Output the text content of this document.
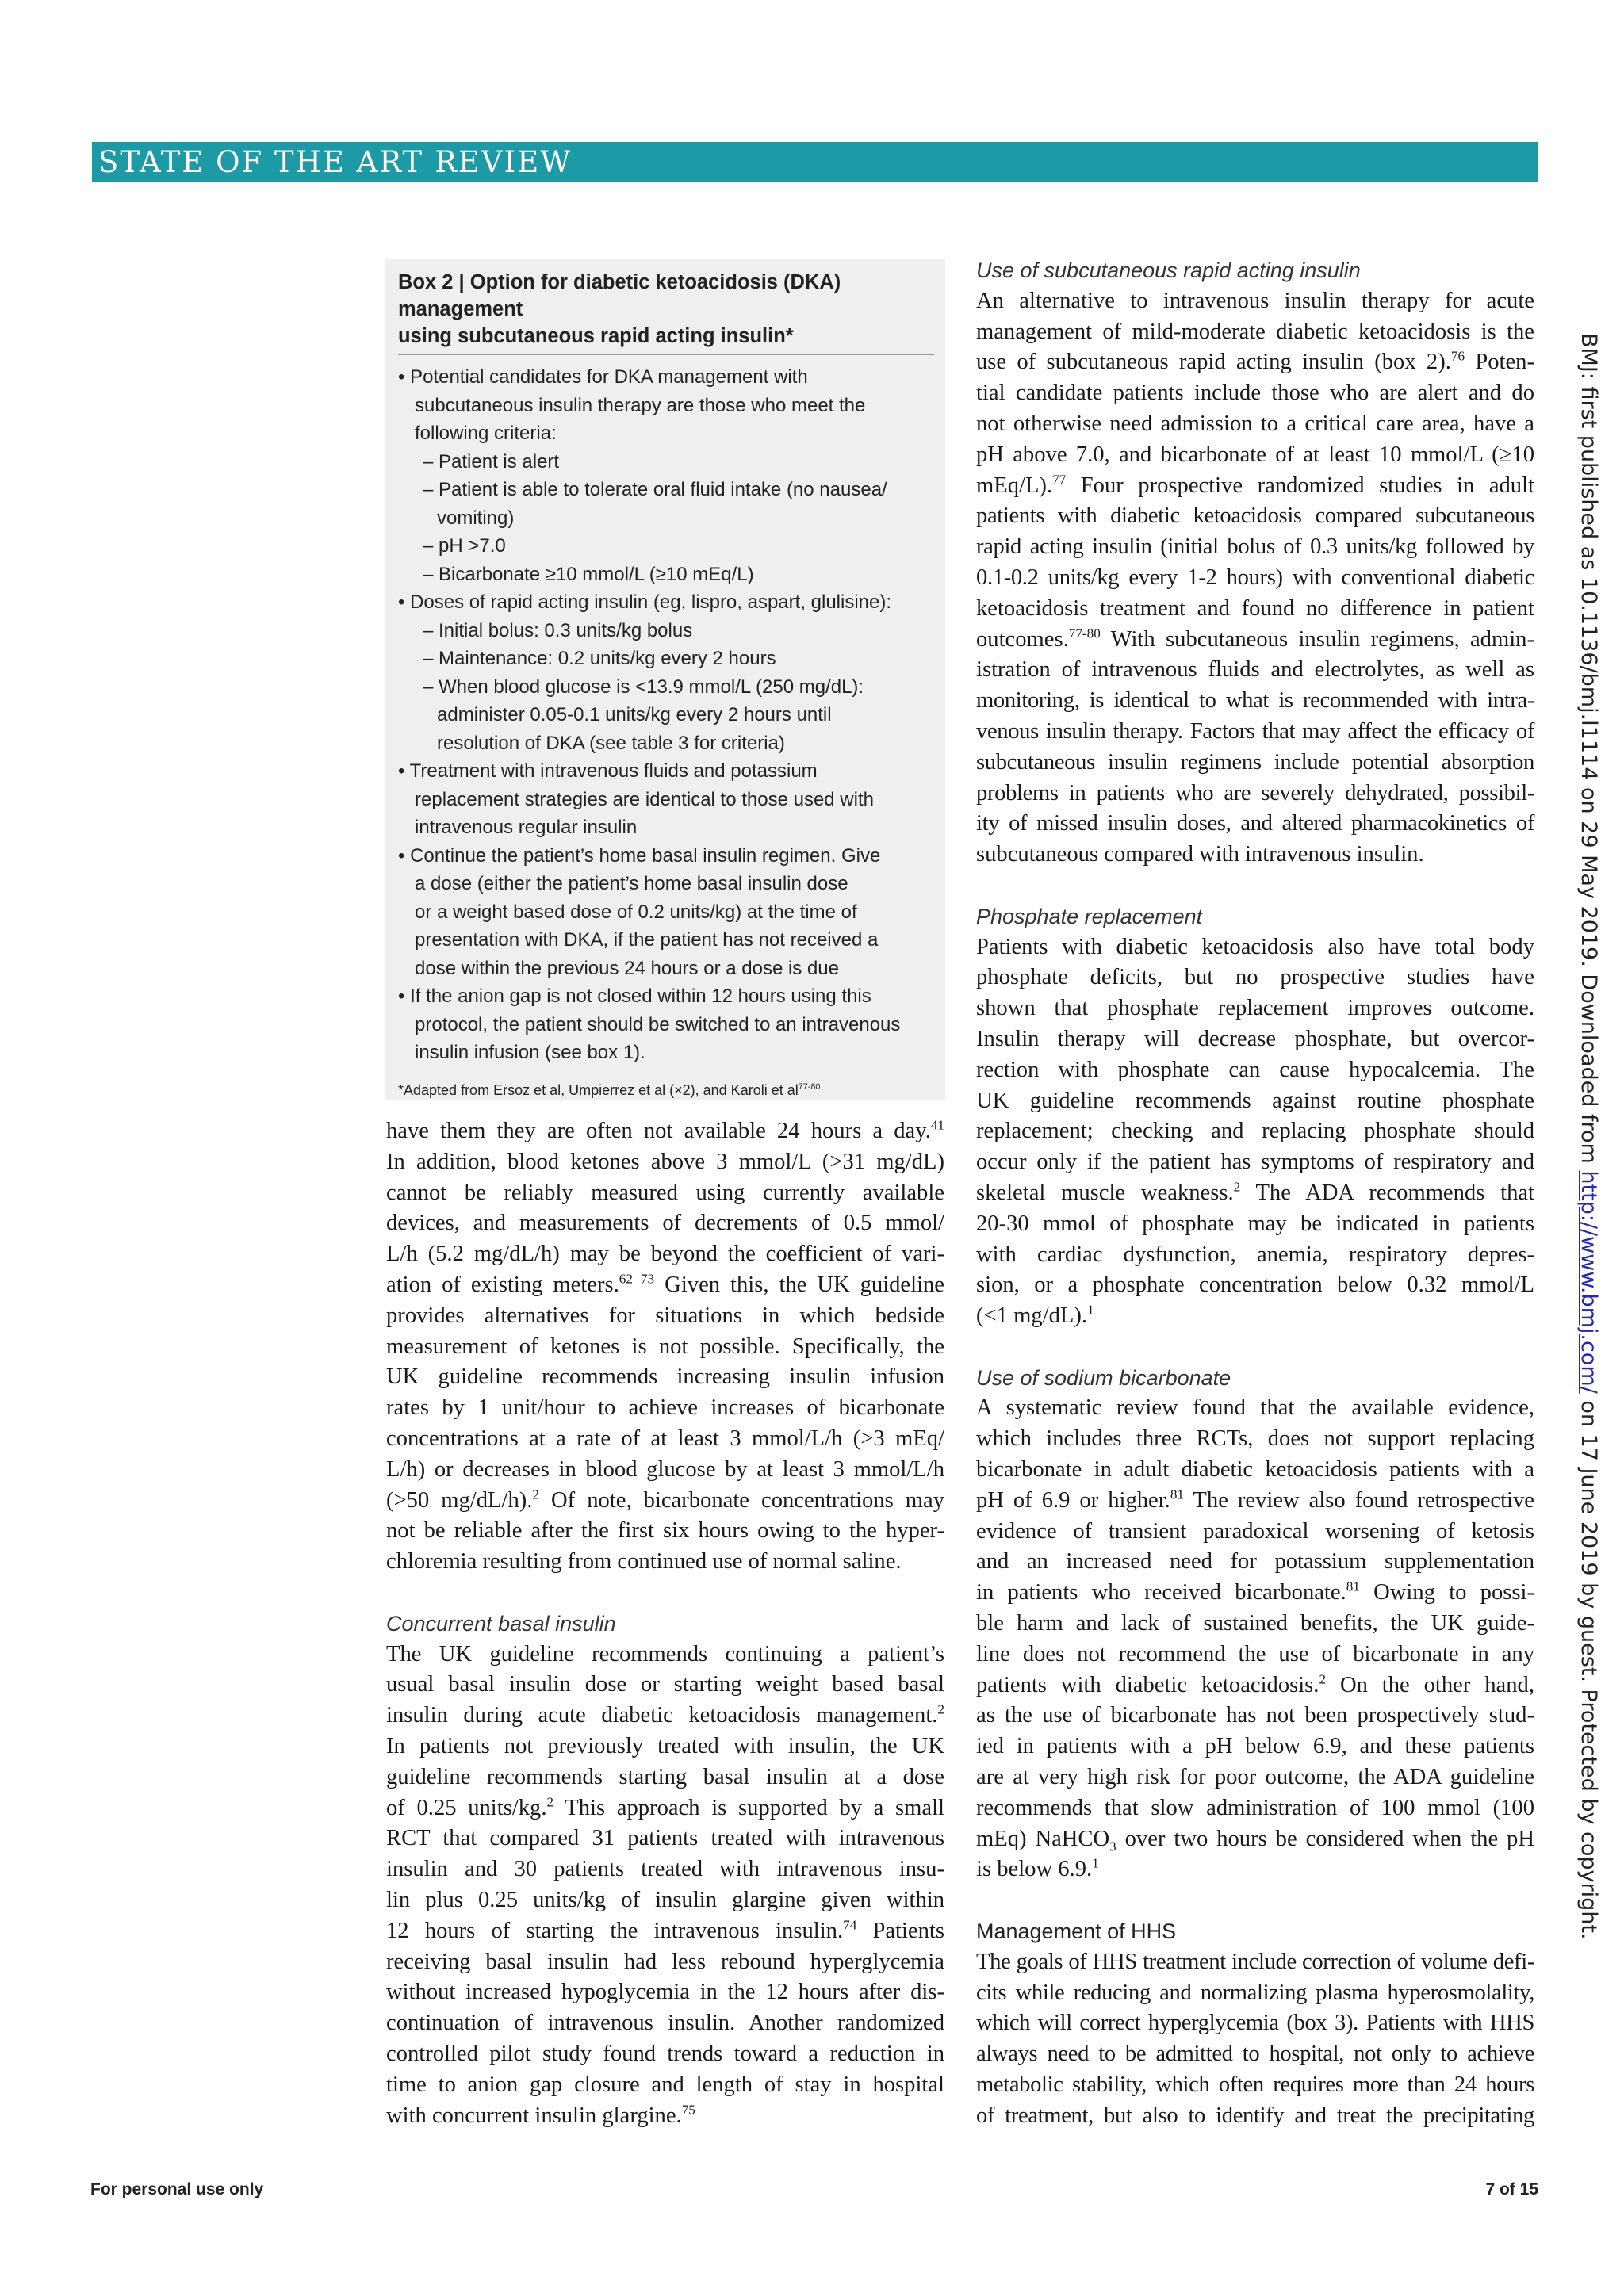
STATE OF THE ART REVIEW
Box 2 | Option for diabetic ketoacidosis (DKA) management
using subcutaneous rapid acting insulin*
• Potential candidates for DKA management with
subcutaneous insulin therapy are those who meet the
following criteria:
– Patient is alert
– Patient is able to tolerate oral fluid intake (no nausea/
vomiting)
– pH >7.0
– Bicarbonate ≥10 mmol/L (≥10 mEq/L)
• Doses of rapid acting insulin (eg, lispro, aspart, glulisine):
– Initial bolus: 0.3 units/kg bolus
– Maintenance: 0.2 units/kg every 2 hours
– When blood glucose is <13.9 mmol/L (250 mg/dL):
administer 0.05-0.1 units/kg every 2 hours until
resolution of DKA (see table 3 for criteria)
• Treatment with intravenous fluids and potassium
replacement strategies are identical to those used with
intravenous regular insulin
• Continue the patient’s home basal insulin regimen. Give
a dose (either the patient’s home basal insulin dose
or a weight based dose of 0.2 units/kg) at the time of
presentation with DKA, if the patient has not received a
dose within the previous 24 hours or a dose is due
• If the anion gap is not closed within 12 hours using this
protocol, the patient should be switched to an intravenous
insulin infusion (see box 1).
*Adapted from Ersoz et al, Umpierrez et al (×2), and Karoli et $al^{77-80}$
have them they are often not available 24 hours a day.$^{41}$
In addition, blood ketones above 3 mmol/L (>31 mg/dL)
cannot be reliably measured using currently available
devices, and measurements of decrements of 0.5 mmol/
L/h (5.2 mg/dL/h) may be beyond the coefficient of vari-
ation of existing meters.$^{62 73}$ Given this, the UK guideline
provides alternatives for situations in which bedside
measurement of ketones is not possible. Specifically, the
UK guideline recommends increasing insulin infusion
rates by 1 unit/hour to achieve increases of bicarbonate
concentrations at a rate of at least 3 mmol/L/h (>3 mEq/
L/h) or decreases in blood glucose by at least 3 mmol/L/h
(>50 mg/dL/h).$^2$ Of note, bicarbonate concentrations may
not be reliable after the first six hours owing to the hyper-
chloremia resulting from continued use of normal saline.
Concurrent basal insulin
The UK guideline recommends continuing a patient’s
usual basal insulin dose or starting weight based basal
insulin during acute diabetic ketoacidosis management.$^2$
In patients not previously treated with insulin, the UK
guideline recommends starting basal insulin at a dose
of 0.25 units/kg.$^2$ This approach is supported by a small
RCT that compared 31 patients treated with intravenous
insulin and 30 patients treated with intravenous insu-
lin plus 0.25 units/kg of insulin glargine given within
12 hours of starting the intravenous insulin.$^{74}$ Patients
receiving basal insulin had less rebound hyperglycemia
without increased hypoglycemia in the 12 hours after dis-
continuation of intravenous insulin. Another randomized
controlled pilot study found trends toward a reduction in
time to anion gap closure and length of stay in hospital
with concurrent insulin glargine.$^{75}$
Use of subcutaneous rapid acting insulin
An alternative to intravenous insulin therapy for acute
management of mild-moderate diabetic ketoacidosis is the
use of subcutaneous rapid acting insulin (box 2).$^{76}$ Poten-
tial candidate patients include those who are alert and do
not otherwise need admission to a critical care area, have a
pH above 7.0, and bicarbonate of at least 10 mmol/L (≥10
mEq/L).$^{77}$ Four prospective randomized studies in adult
patients with diabetic ketoacidosis compared subcutaneous
rapid acting insulin (initial bolus of 0.3 units/kg followed by
0.1-0.2 units/kg every 1-2 hours) with conventional diabetic
ketoacidosis treatment and found no difference in patient
outcomes.$^{77-80}$ With subcutaneous insulin regimens, admin-
istration of intravenous fluids and electrolytes, as well as
monitoring, is identical to what is recommended with intra-
venous insulin therapy. Factors that may affect the efficacy of
subcutaneous insulin regimens include potential absorption
problems in patients who are severely dehydrated, possibil-
ity of missed insulin doses, and altered pharmacokinetics of
subcutaneous compared with intravenous insulin.
Phosphate replacement
Patients with diabetic ketoacidosis also have total body
phosphate deficits, but no prospective studies have
shown that phosphate replacement improves outcome.
Insulin therapy will decrease phosphate, but overcor-
rection with phosphate can cause hypocalcemia. The
UK guideline recommends against routine phosphate
replacement; checking and replacing phosphate should
occur only if the patient has symptoms of respiratory and
skeletal muscle weakness.$^2$ The ADA recommends that
20-30 mmol of phosphate may be indicated in patients
with cardiac dysfunction, anemia, respiratory depres-
sion, or a phosphate concentration below 0.32 mmol/L
(<1 mg/dL).$^1$
Use of sodium bicarbonate
A systematic review found that the available evidence,
which includes three RCTs, does not support replacing
bicarbonate in adult diabetic ketoacidosis patients with a
pH of 6.9 or higher.$^{81}$ The review also found retrospective
evidence of transient paradoxical worsening of ketosis
and an increased need for potassium supplementation
in patients who received bicarbonate.$^{81}$ Owing to possi-
ble harm and lack of sustained benefits, the UK guide-
line does not recommend the use of bicarbonate in any
patients with diabetic ketoacidosis.$^2$ On the other hand,
as the use of bicarbonate has not been prospectively stud-
ied in patients with a pH below 6.9, and these patients
are at very high risk for poor outcome, the ADA guideline
recommends that slow administration of 100 mmol (100
mEq) NaHCO$_3$ over two hours be considered when the pH
is below 6.9.$^1$
Management of HHS
The goals of HHS treatment include correction of volume defi-
cits while reducing and normalizing plasma hyperosmolality,
which will correct hyperglycemia (box 3). Patients with HHS
always need to be admitted to hospital, not only to achieve
metabolic stability, which often requires more than 24 hours
of treatment, but also to identify and treat the precipitating
BMJ: first published as 10.1136/bmj.l1114 on 29 May 2019. Downloaded from http://www.bmj.com/ on 17 June 2019 by guest. Protected by copyright.
For personal use only	7 of 15
